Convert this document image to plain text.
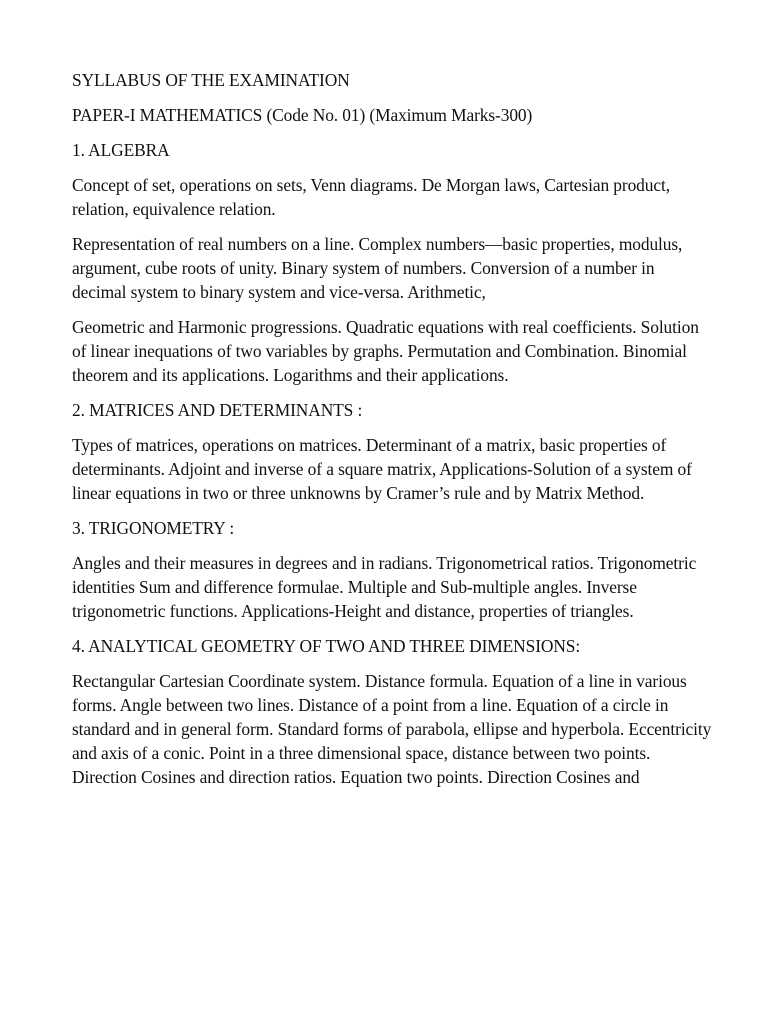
SYLLABUS OF THE EXAMINATION

PAPER-I MATHEMATICS (Code No. 01) (Maximum Marks-300)

1. ALGEBRA

Concept of set, operations on sets, Venn diagrams. De Morgan laws, Cartesian product, relation, equivalence relation.

Representation of real numbers on a line. Complex numbers—basic properties, modulus, argument, cube roots of unity. Binary system of numbers. Conversion of a number in decimal system to binary system and vice-versa. Arithmetic,

Geometric and Harmonic progressions. Quadratic equations with real coefficients. Solution of linear inequations of two variables by graphs. Permutation and Combination. Binomial theorem and its applications. Logarithms and their applications.

2. MATRICES AND DETERMINANTS :

Types of matrices, operations on matrices. Determinant of a matrix, basic properties of determinants. Adjoint and inverse of a square matrix, Applications-Solution of a system of linear equations in two or three unknowns by Cramer’s rule and by Matrix Method.

3. TRIGONOMETRY :

Angles and their measures in degrees and in radians. Trigonometrical ratios. Trigonometric identities Sum and difference formulae. Multiple and Sub-multiple angles. Inverse trigonometric functions. Applications-Height and distance, properties of triangles.

4. ANALYTICAL GEOMETRY OF TWO AND THREE DIMENSIONS:

Rectangular Cartesian Coordinate system. Distance formula. Equation of a line in various forms. Angle between two lines. Distance of a point from a line. Equation of a circle in standard and in general form. Standard forms of parabola, ellipse and hyperbola. Eccentricity and axis of a conic. Point in a three dimensional space, distance between two points. Direction Cosines and direction ratios. Equation two points. Direction Cosines and
